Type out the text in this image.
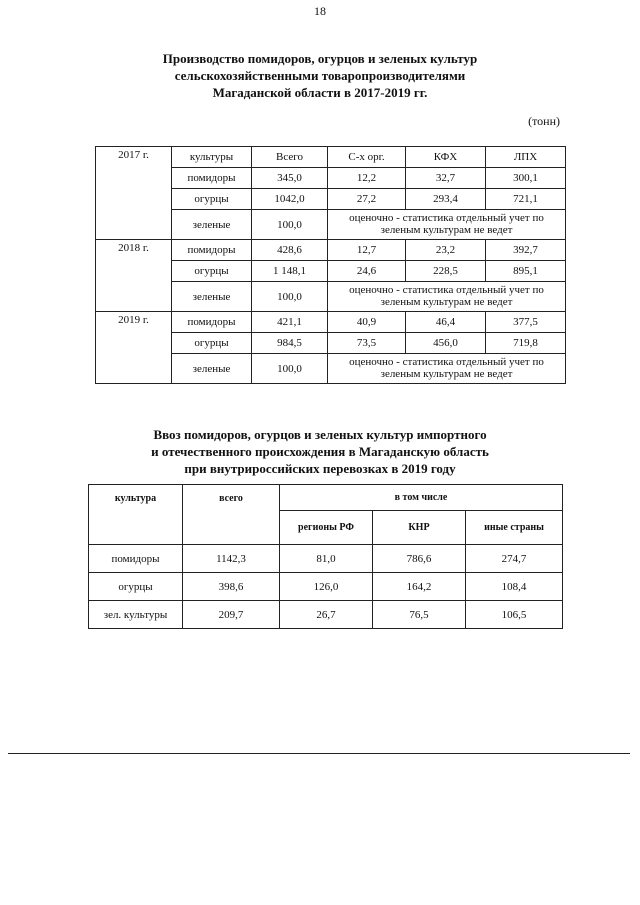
18
Производство помидоров, огурцов и зеленых культур
сельскохозяйственными товаропроизводителями
Магаданской области в 2017-2019 гг.
(тонн)
2017 г.	культуры	Всего	С-х орг.	КФХ	ЛПХ
	помидоры	345,0	12,2	32,7	300,1
	огурцы	1042,0	27,2	293,4	721,1
	зеленые	100,0	оценочно - статистика отдельный учет по зеленым культурам не ведет		
2018 г.	помидоры	428,6	12,7	23,2	392,7
	огурцы	1 148,1	24,6	228,5	895,1
	зеленые	100,0	оценочно - статистика отдельный учет по зеленым культурам не ведет		
2019 г.	помидоры	421,1	40,9	46,4	377,5
	огурцы	984,5	73,5	456,0	719,8
	зеленые	100,0	оценочно - статистика отдельный учет по зеленым культурам не ведет		
Ввоз помидоров, огурцов и зеленых культур импортного
и отечественного происхождения в Магаданскую область
при внутрироссийских перевозках в 2019 году
культура	всего	в том числе		
		регионы РФ	КНР	иные страны
помидоры	1142,3	81,0	786,6	274,7
огурцы	398,6	126,0	164,2	108,4
зел. культуры	209,7	26,7	76,5	106,5
